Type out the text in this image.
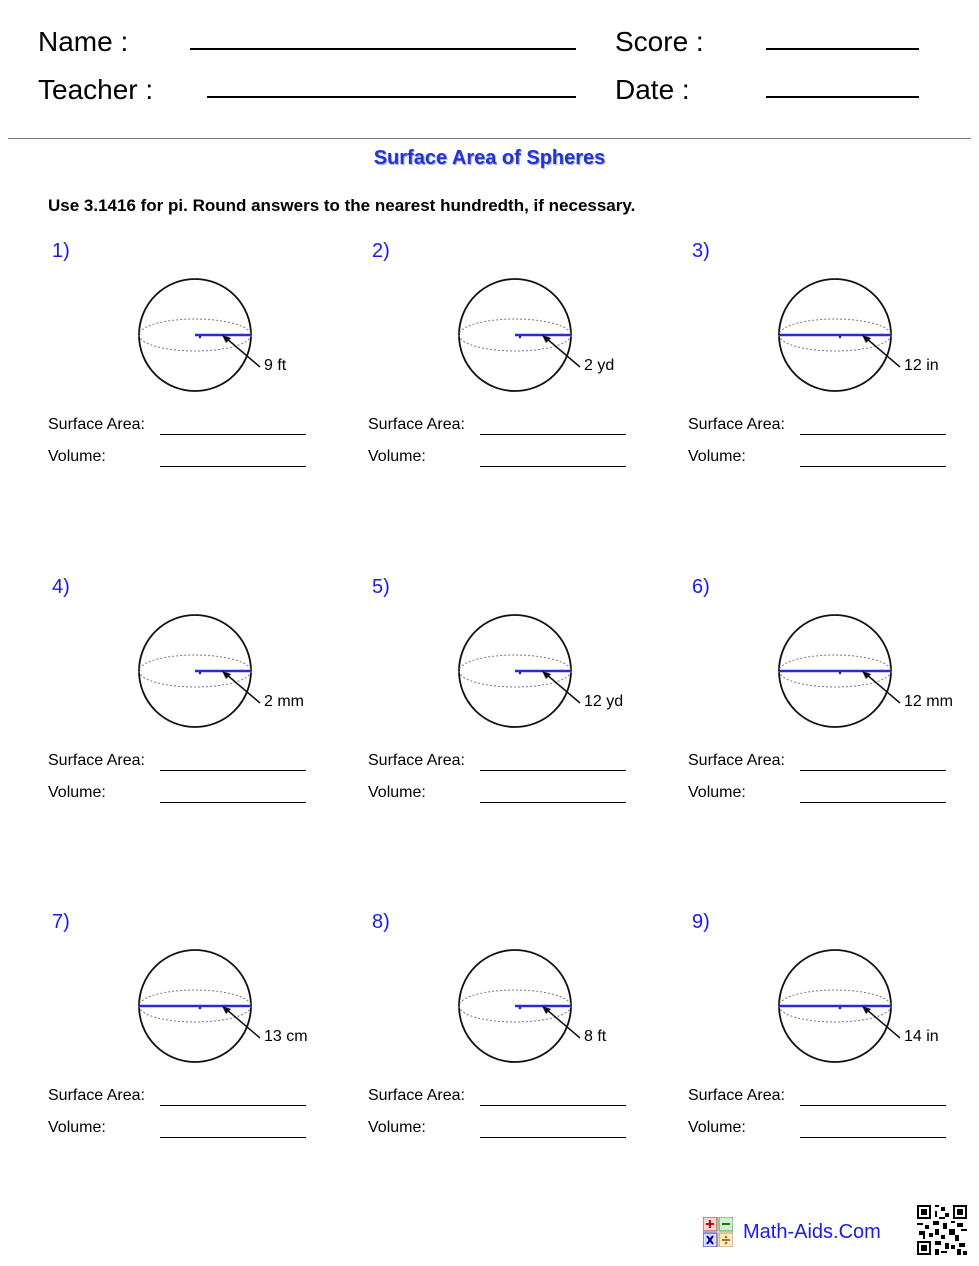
Name :
Teacher :
Score :
Date :
Surface Area of Spheres
Use 3.1416 for pi. Round answers to the nearest hundredth, if necessary.
1)
9 ft
Surface Area:
Volume:
2)
2 yd
Surface Area:
Volume:
3)
12 in
Surface Area:
Volume:
4)
2 mm
Surface Area:
Volume:
5)
12 yd
Surface Area:
Volume:
6)
12 mm
Surface Area:
Volume:
7)
13 cm
Surface Area:
Volume:
8)
8 ft
Surface Area:
Volume:
9)
14 in
Surface Area:
Volume:
Math-Aids.Com
